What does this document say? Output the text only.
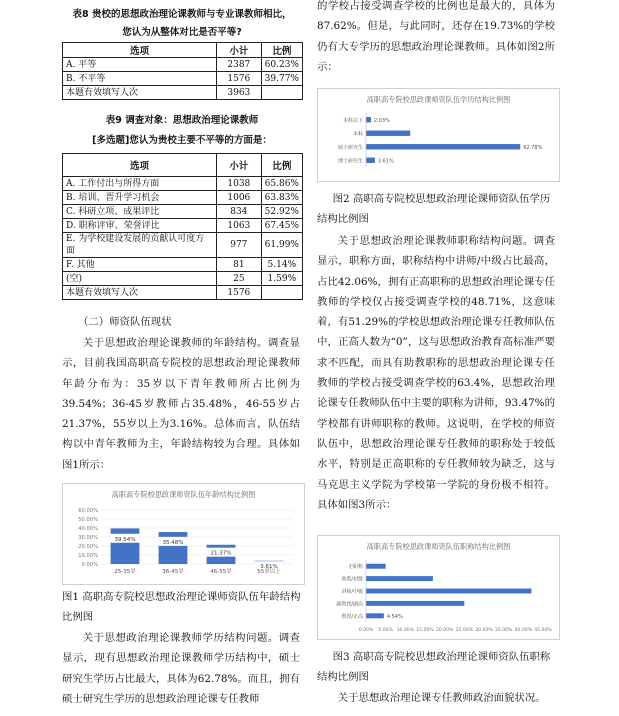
表8 贵校的思想政治理论课教师与专业课教师相比，
您认为从整体对比是否平等?
选项	小计	比例
A. 平等	2387	60.23%
B. 不平等	1576	39.77%
本题有效填写人次	3963	
表9 调查对象：思想政治理论课教师
[多选题]您认为贵校主要不平等的方面是：
选项	小计	比例
A. 工作付出与所得方面	1038	65.86%
B. 培训、晋升学习机会	1006	63.83%
C. 科研立项、成果评比	834	52.92%
D. 职称评审、荣誉评比	1063	67.45%
E. 为学校建设发展的贡献认可度方面	977	61.99%
F. 其他	81	5.14%
(空)	25	1.59%
本题有效填写人次	1576	
（二）师资队伍现状

关于思想政治理论课教师的年龄结构。调查显示，目前我国高职高专院校的思想政治理论课教师年龄分布为：35岁以下青年教师所占比例为39.54%；36-45岁教师占35.48%，46-55岁占21.37%，55岁以上为3.16%。总体而言，队伍结构以中青年教师为主，年龄结构较为合理。具体如图1所示：

高职高专院校思政课师资队伍年龄结构比例图
0.00%
10.00%
20.00%
30.00%
40.00%
50.00%
60.00%
39.54%
25-35岁
35.48%
36-45岁
21.37%
46-55岁
3.61%
55岁以上
图1 高职高专院校思想政治理论课师资队伍年龄结构比例图

关于思想政治理论课教师学历结构问题。调查显示，现有思想政治理论课教师学历结构中，硕士研究生学历占比最大，具体为62.78%。而且，拥有硕士研究生学历的思想政治理论课专任教师

的学校占接受调查学校的比例也是最大的，具体为87.62%。但是，与此同时，还存在19.73%的学校仍有大专学历的思想政治理论课教师。具体如图2所示：

高职高专院校思政课师资队伍学历结构比例图
本科以下 2.03%
本科
硕士研究生	62.78%
博士研究生	3.61%
图2 高职高专院校思想政治理论课师资队伍学历结构比例图

关于思想政治理论课教师职称结构问题。调查显示，职称方面，职称结构中讲师/中级占比最高，占比42.06%，拥有正高职称的思想政治理论课专任教师的学校仅占接受调查学校的48.71%，这意味着，有51.29%的学校思想政治理论课专任教师队伍中，正高人数为“0”，这与思想政治教育高标准严要求不匹配，而具有助教职称的思想政治理论课专任教师的学校占接受调查学校的63.4%，思想政治理论课专任教师队伍中主要的职称为讲师，93.47%的学校都有讲师职称的教师。这说明，在学校的师资队伍中，思想政治理论课专任教师的职称处于较低水平，特别是正高职称的专任教师较为缺乏，这与马克思主义学院为学校第一学院的身份极不相符。具体如图3所示：

高职高专院校思政课师资队伍职称结构比例图
0.00% 5.00% 10.00% 15.00% 20.00% 25.00% 30.00% 35.00% 40.00% 45.00%
无职称
助教/初级
讲师/中级
副教授/副高
教授/正高	4.54%
图3 高职高专院校思想政治理论课师资队伍职称结构比例图

关于思想政治理论课专任教师政治面貌状况。
